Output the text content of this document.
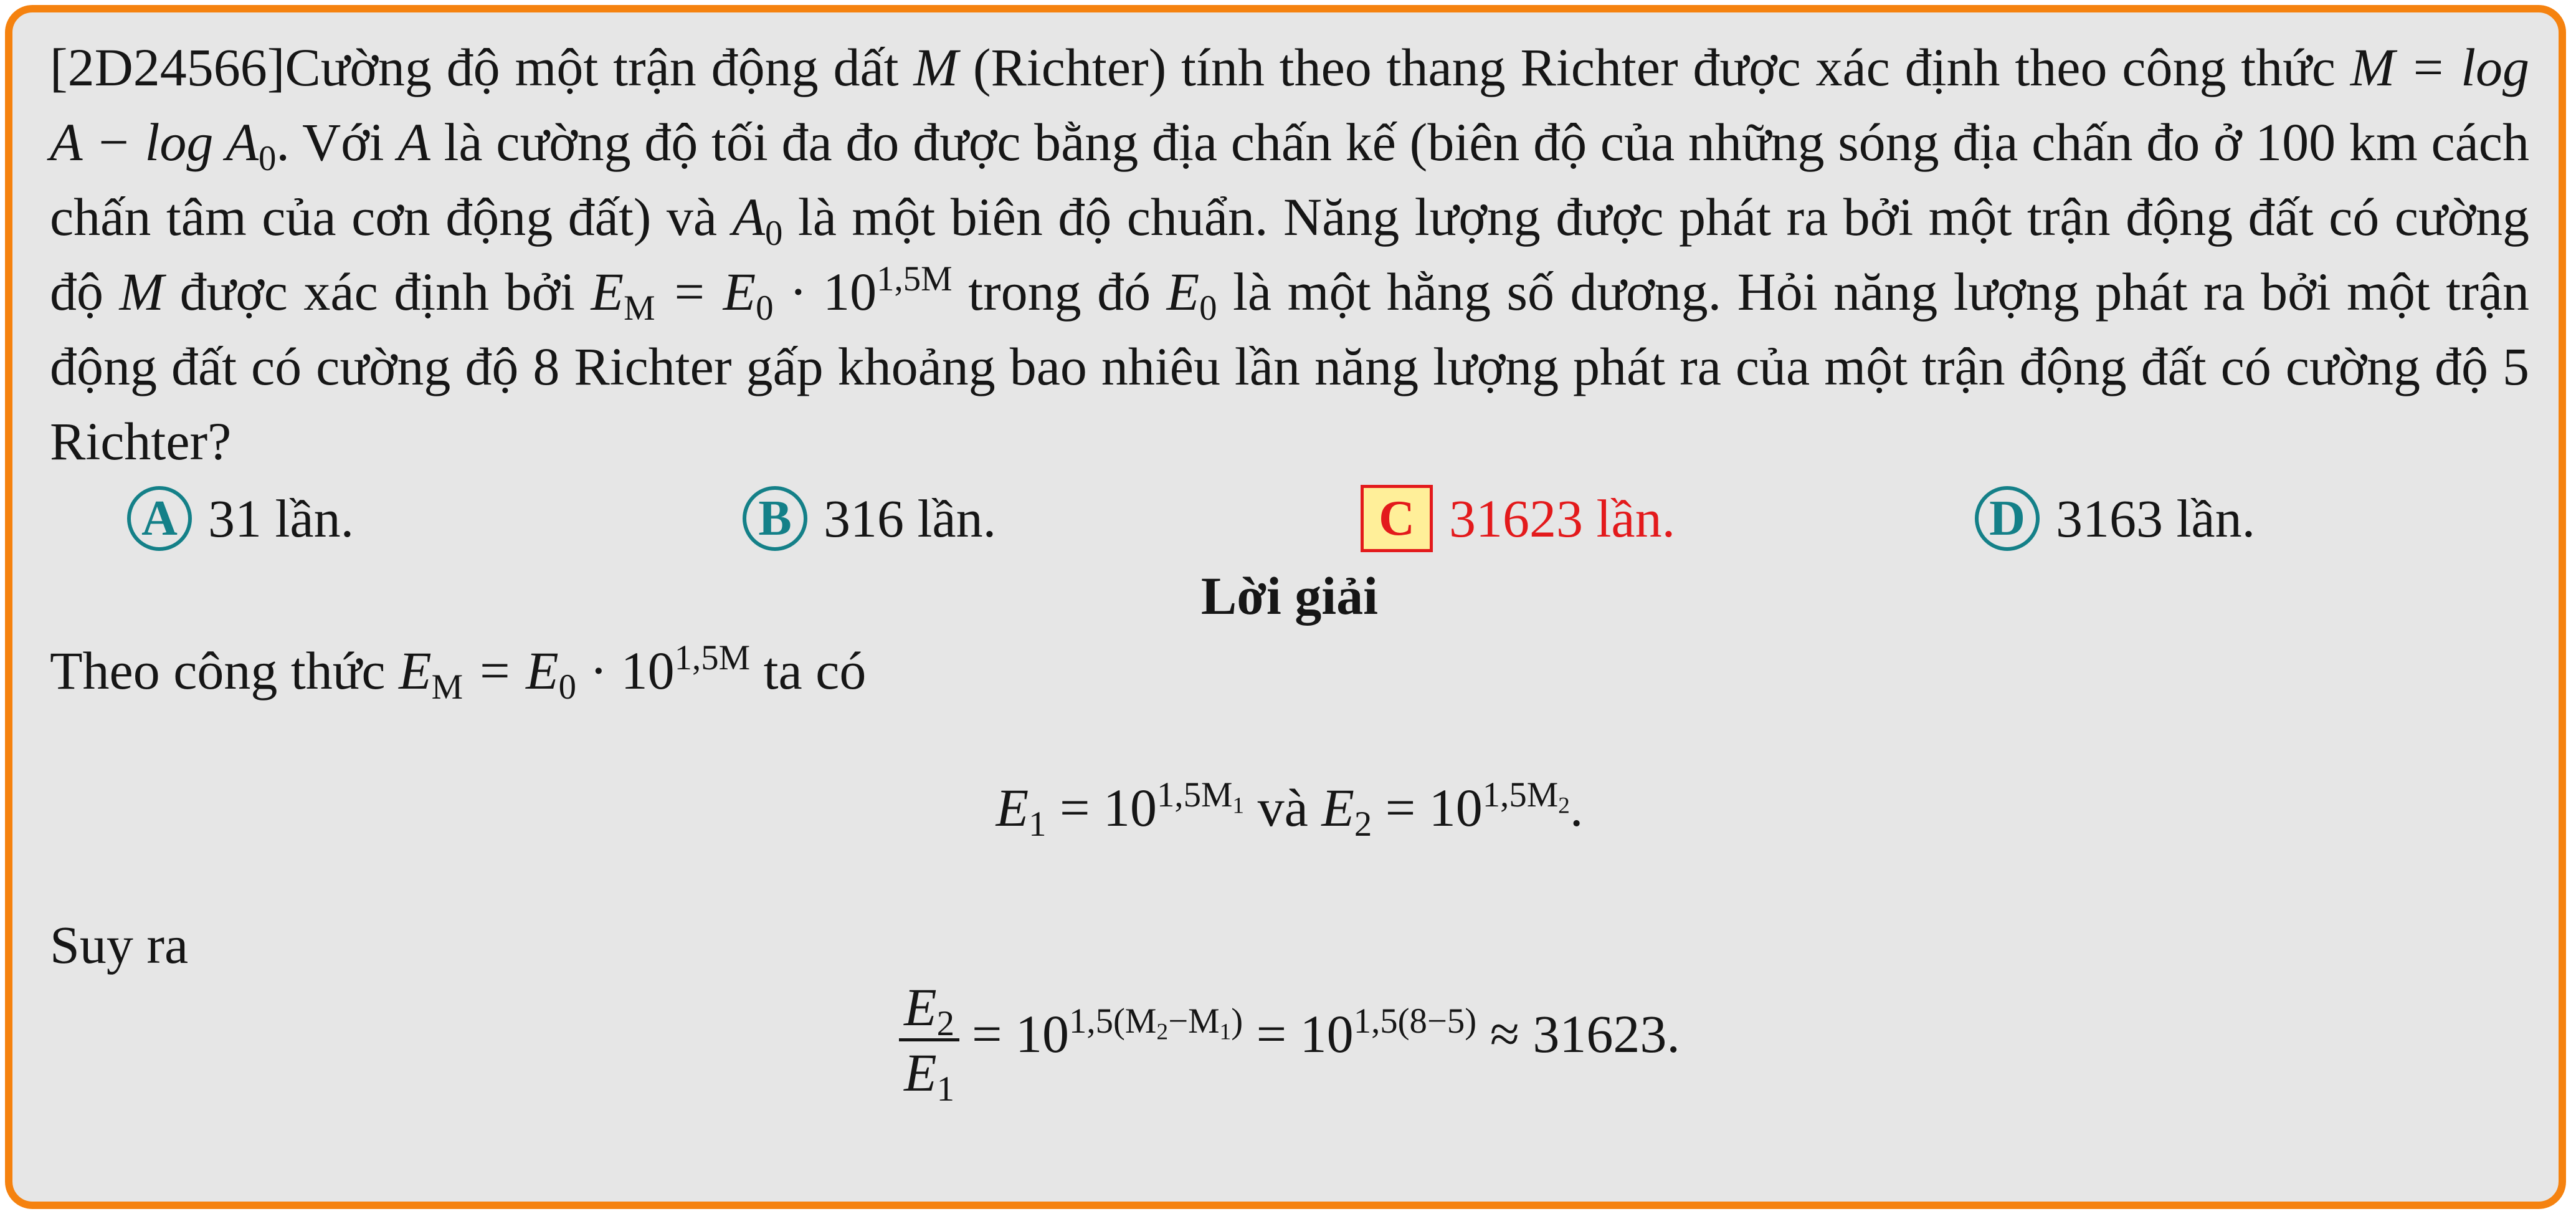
[2D24566]Cường độ một trận động dất M (Richter) tính theo thang Richter được xác định theo công thức $M = \log A - \log A_0$. Với A là cường độ tối đa đo được bằng địa chấn kế (biên độ của những sóng địa chấn đo ở 100 km cách chấn tâm của cơn động đất) và $A_0$ là một biên độ chuẩn. Năng lượng được phát ra bởi một trận động đất có cường độ M được xác định bởi $E_M = E_0 \cdot 10^{1,5M}$ trong đó $E_0$ là một hằng số dương. Hỏi năng lượng phát ra bởi một trận động đất có cường độ 8 Richter gấp khoảng bao nhiêu lần năng lượng phát ra của một trận động đất có cường độ 5 Richter?

A 31 lần.	B 316 lần.	C 31623 lần.	D 3163 lần.
Lời giải
Theo công thức $E_M = E_0 \cdot 10^{1,5M}$ ta có
$E_1 = 10^{1,5M_1}$ và $E_2 = 10^{1,5M_2}$.
Suy ra
$\frac{E_2}{E_1} = 10^{1,5(M_2-M_1)} = 10^{1,5(8-5)} \approx 31623$.
